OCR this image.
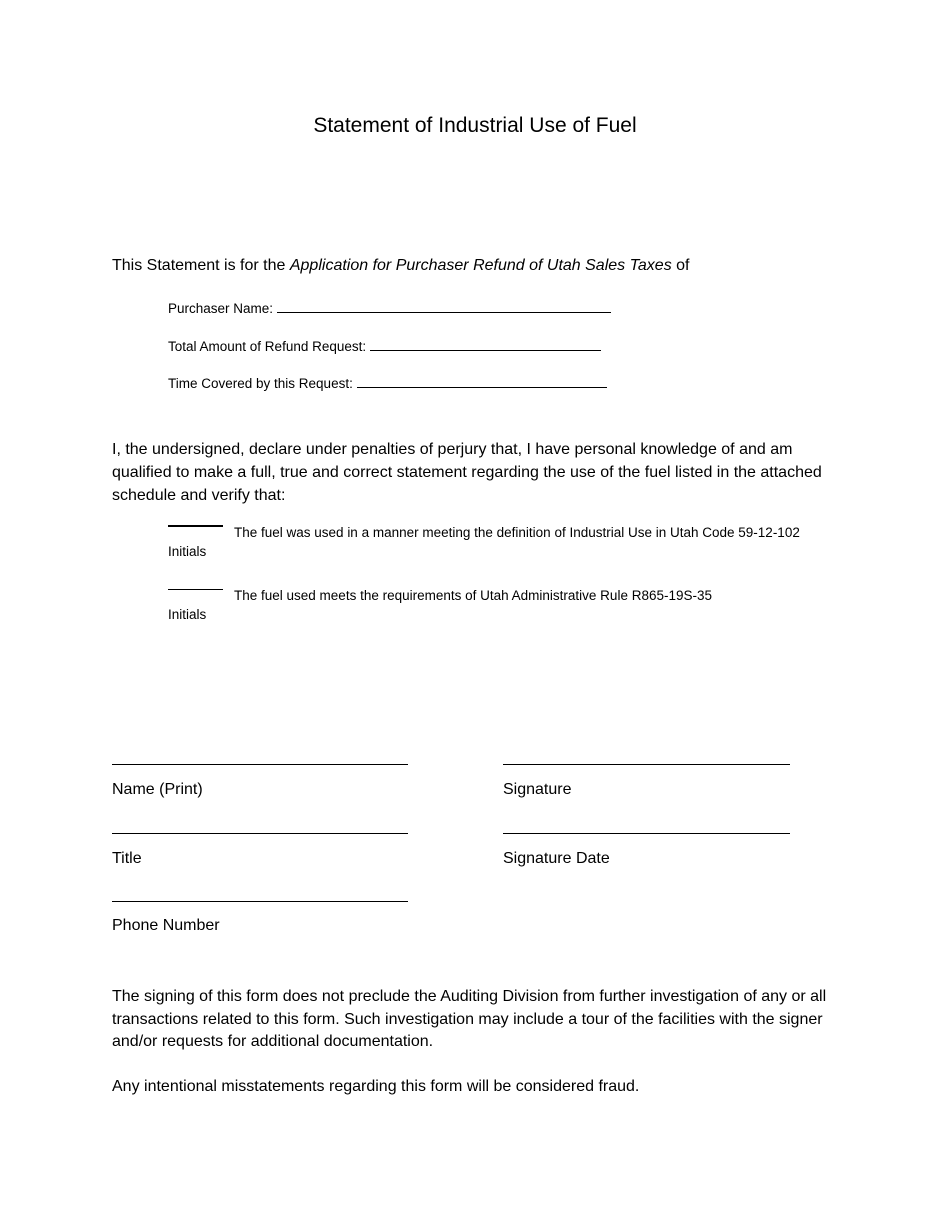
Statement of Industrial Use of Fuel
This Statement is for the Application for Purchaser Refund of Utah Sales Taxes of
Purchaser Name:
Total Amount of Refund Request:
Time Covered by this Request:
I, the undersigned, declare under penalties of perjury that, I have personal knowledge of and am qualified to make a full, true and correct statement regarding the use of the fuel listed in the attached schedule and verify that:
The fuel was used in a manner meeting the definition of Industrial Use in Utah Code 59-12-102
Initials
The fuel used meets the requirements of Utah Administrative Rule R865-19S-35
Initials
Name (Print)	Signature
Title	Signature Date
Phone Number
The signing of this form does not preclude the Auditing Division from further investigation of any or all transactions related to this form. Such investigation may include a tour of the facilities with the signer and/or requests for additional documentation.
Any intentional misstatements regarding this form will be considered fraud.
